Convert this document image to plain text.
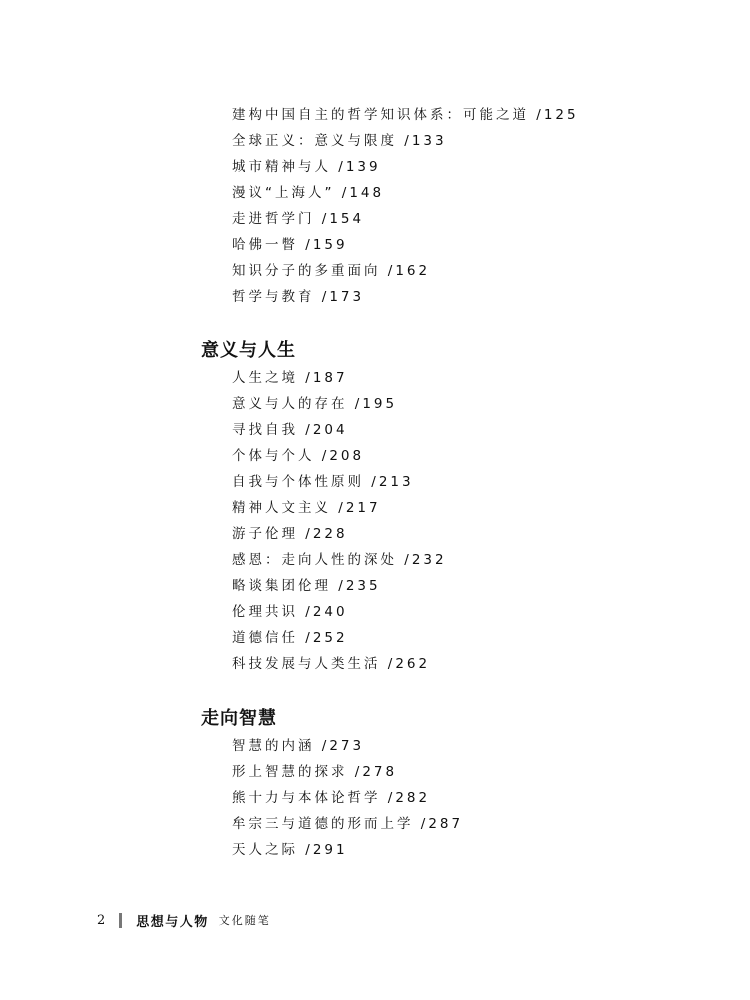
建构中国自主的哲学知识体系：可能之道 /125
全球正义：意义与限度 /133
城市精神与人 /139
漫议“上海人” /148
走进哲学门 /154
哈佛一瞥 /159
知识分子的多重面向 /162
哲学与教育 /173
意义与人生
人生之境 /187
意义与人的存在 /195
寻找自我 /204
个体与个人 /208
自我与个体性原则 /213
精神人文主义 /217
游子伦理 /228
感恩：走向人性的深处 /232
略谈集团伦理 /235
伦理共识 /240
道德信任 /252
科技发展与人类生活 /262
走向智慧
智慧的内涵 /273
形上智慧的探求 /278
熊十力与本体论哲学 /282
牟宗三与道德的形而上学 /287
天人之际 /291
2 思想与人物 文化随笔
